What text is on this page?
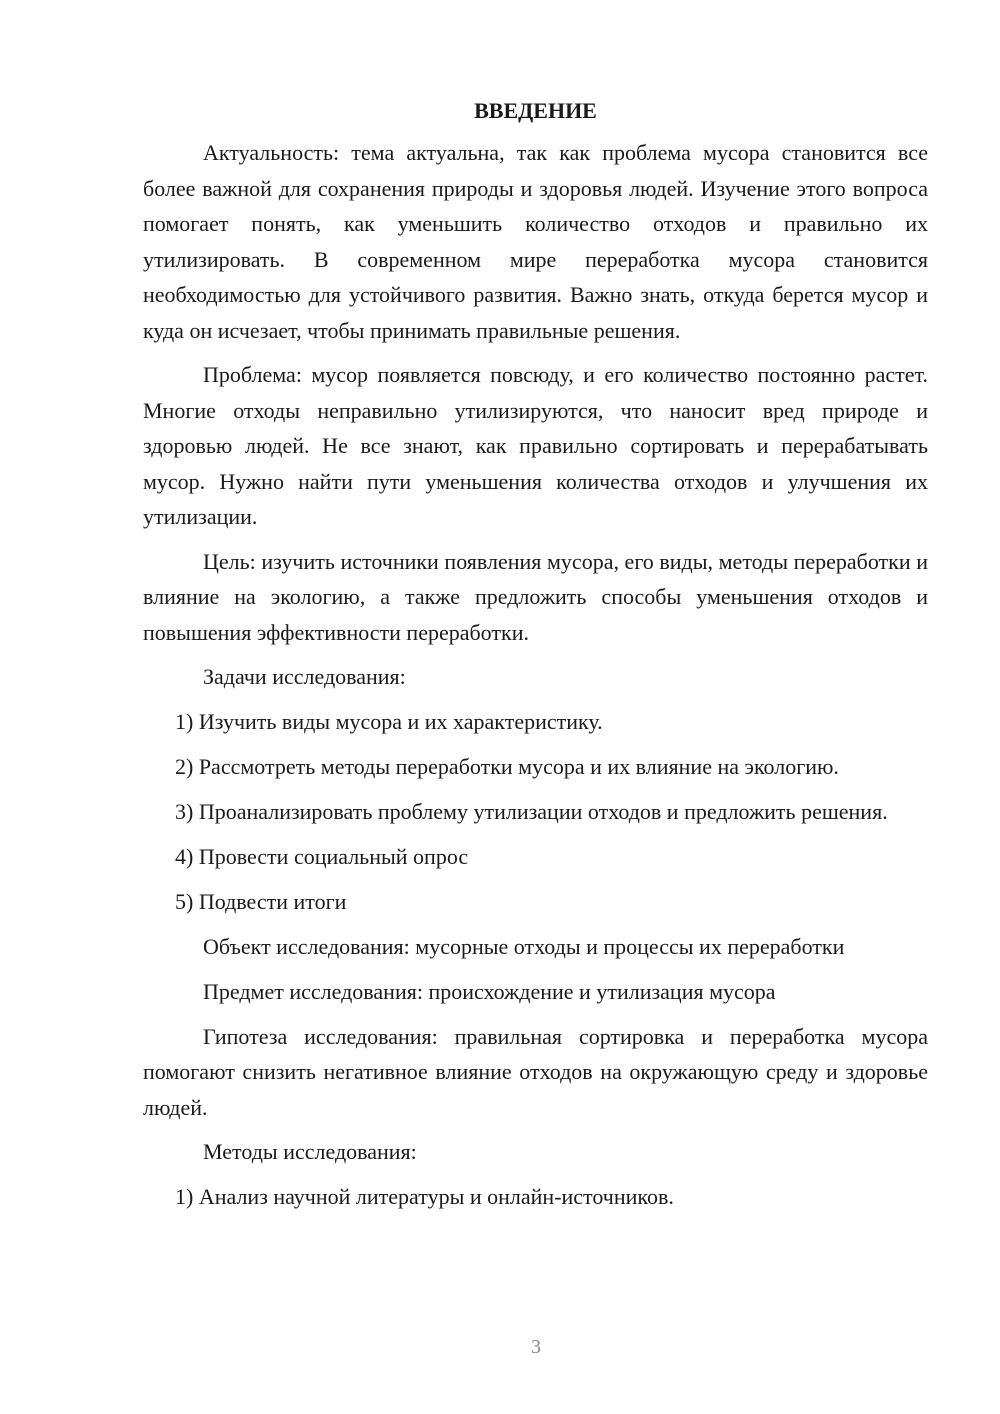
ВВЕДЕНИЕ

Актуальность: тема актуальна, так как проблема мусора становится все более важной для сохранения природы и здоровья людей. Изучение этого вопроса помогает понять, как уменьшить количество отходов и правильно их утилизировать. В современном мире переработка мусора становится необходимостью для устойчивого развития. Важно знать, откуда берется мусор и куда он исчезает, чтобы принимать правильные решения.

Проблема: мусор появляется повсюду, и его количество постоянно растет. Многие отходы неправильно утилизируются, что наносит вред природе и здоровью людей. Не все знают, как правильно сортировать и перерабатывать мусор. Нужно найти пути уменьшения количества отходов и улучшения их утилизации.

Цель: изучить источники появления мусора, его виды, методы переработки и влияние на экологию, а также предложить способы уменьшения отходов и повышения эффективности переработки.

Задачи исследования:
1) Изучить виды мусора и их характеристику.
2) Рассмотреть методы переработки мусора и их влияние на экологию.

3) Проанализировать проблему утилизации отходов и предложить решения.

4) Провести социальный опрос
5) Подвести итоги
Объект исследования: мусорные отходы и процессы их переработки
Предмет исследования: происхождение и утилизация мусора

Гипотеза исследования: правильная сортировка и переработка мусора помогают снизить негативное влияние отходов на окружающую среду и здоровье людей.

Методы исследования:
1) Анализ научной литературы и онлайн-источников.
3
